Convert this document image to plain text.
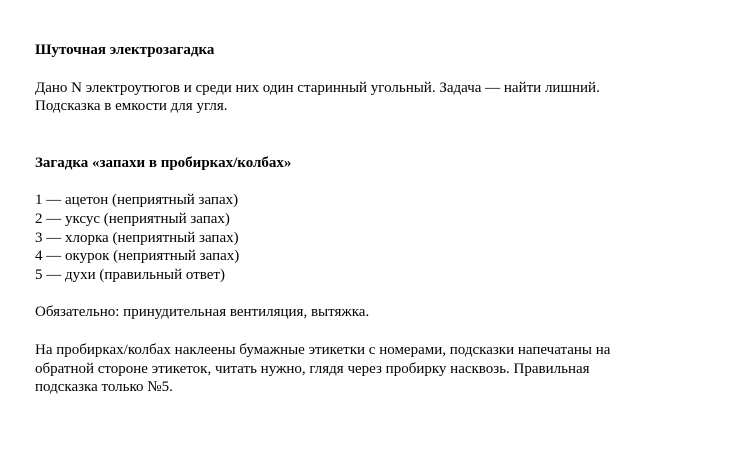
Шуточная электрозагадка

Дано N электроутюгов и среди них один старинный угольный. Задача — найти лишний.

Подсказка в емкости для угля.

Загадка «запахи в пробирках/колбах»

1 — ацетон (неприятный запах)
2 — уксус (неприятный запах)
3 — хлорка (неприятный запах)
4 — окурок (неприятный запах)
5 — духи (правильный ответ)

Обязательно: принудительная вентиляция, вытяжка.

На пробирках/колбах наклеены бумажные этикетки с номерами, подсказки напечатаны на

обратной стороне этикеток, читать нужно, глядя через пробирку насквозь. Правильная

подсказка только №5.
